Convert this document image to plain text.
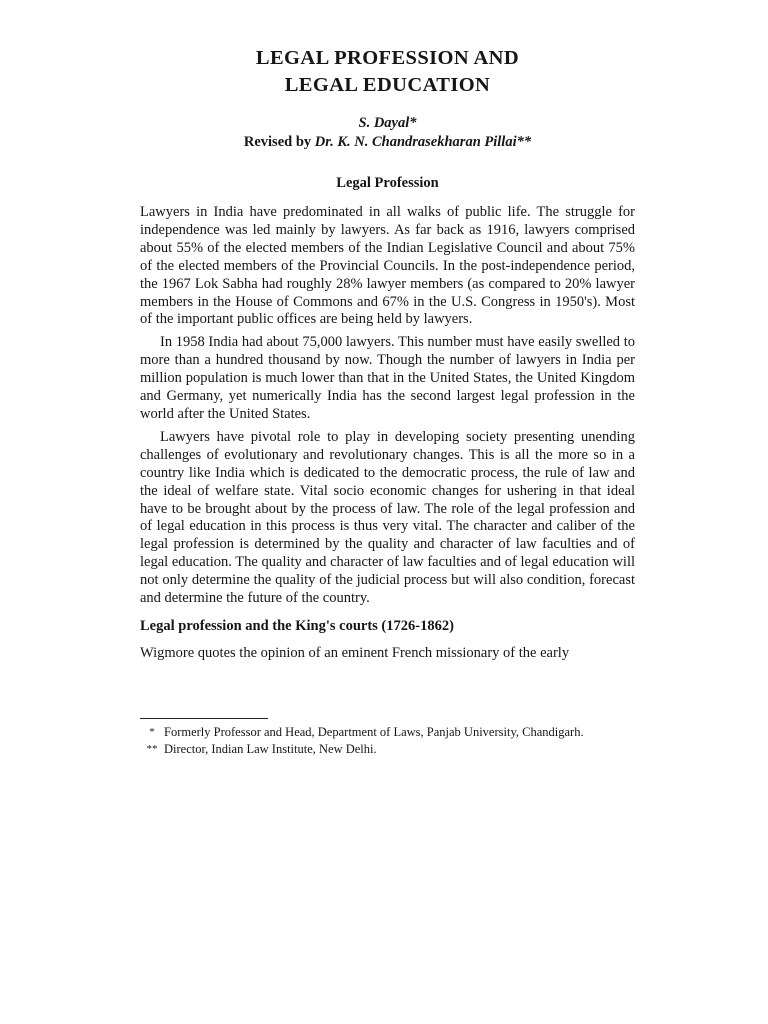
LEGAL PROFESSION AND
LEGAL EDUCATION
S. Dayal*
Revised by Dr. K. N. Chandrasekharan Pillai**
Legal Profession

Lawyers in India have predominated in all walks of public life. The struggle for independence was led mainly by lawyers. As far back as 1916, lawyers comprised about 55% of the elected members of the Indian Legislative Council and about 75% of the elected members of the Provincial Councils. In the post-independence period, the 1967 Lok Sabha had roughly 28% lawyer members (as compared to 20% lawyer members in the House of Commons and 67% in the U.S. Congress in 1950's). Most of the important public offices are being held by lawyers.

In 1958 India had about 75,000 lawyers. This number must have easily swelled to more than a hundred thousand by now. Though the number of lawyers in India per million population is much lower than that in the United States, the United Kingdom and Germany, yet numerically India has the second largest legal profession in the world after the United States.

Lawyers have pivotal role to play in developing society presenting unending challenges of evolutionary and revolutionary changes. This is all the more so in a country like India which is dedicated to the democratic process, the rule of law and the ideal of welfare state. Vital socio economic changes for ushering in that ideal have to be brought about by the process of law. The role of the legal profession and of legal education in this process is thus very vital. The character and caliber of the legal profession is determined by the quality and character of law faculties and of legal education. The quality and character of law faculties and of legal education will not only determine the quality of the judicial process but will also condition, forecast and determine the future of the country.

Legal profession and the King's courts (1726-1862)

Wigmore quotes the opinion of an eminent French missionary of the early

* Formerly Professor and Head, Department of Laws, Panjab University, Chandigarh.
** Director, Indian Law Institute, New Delhi.
